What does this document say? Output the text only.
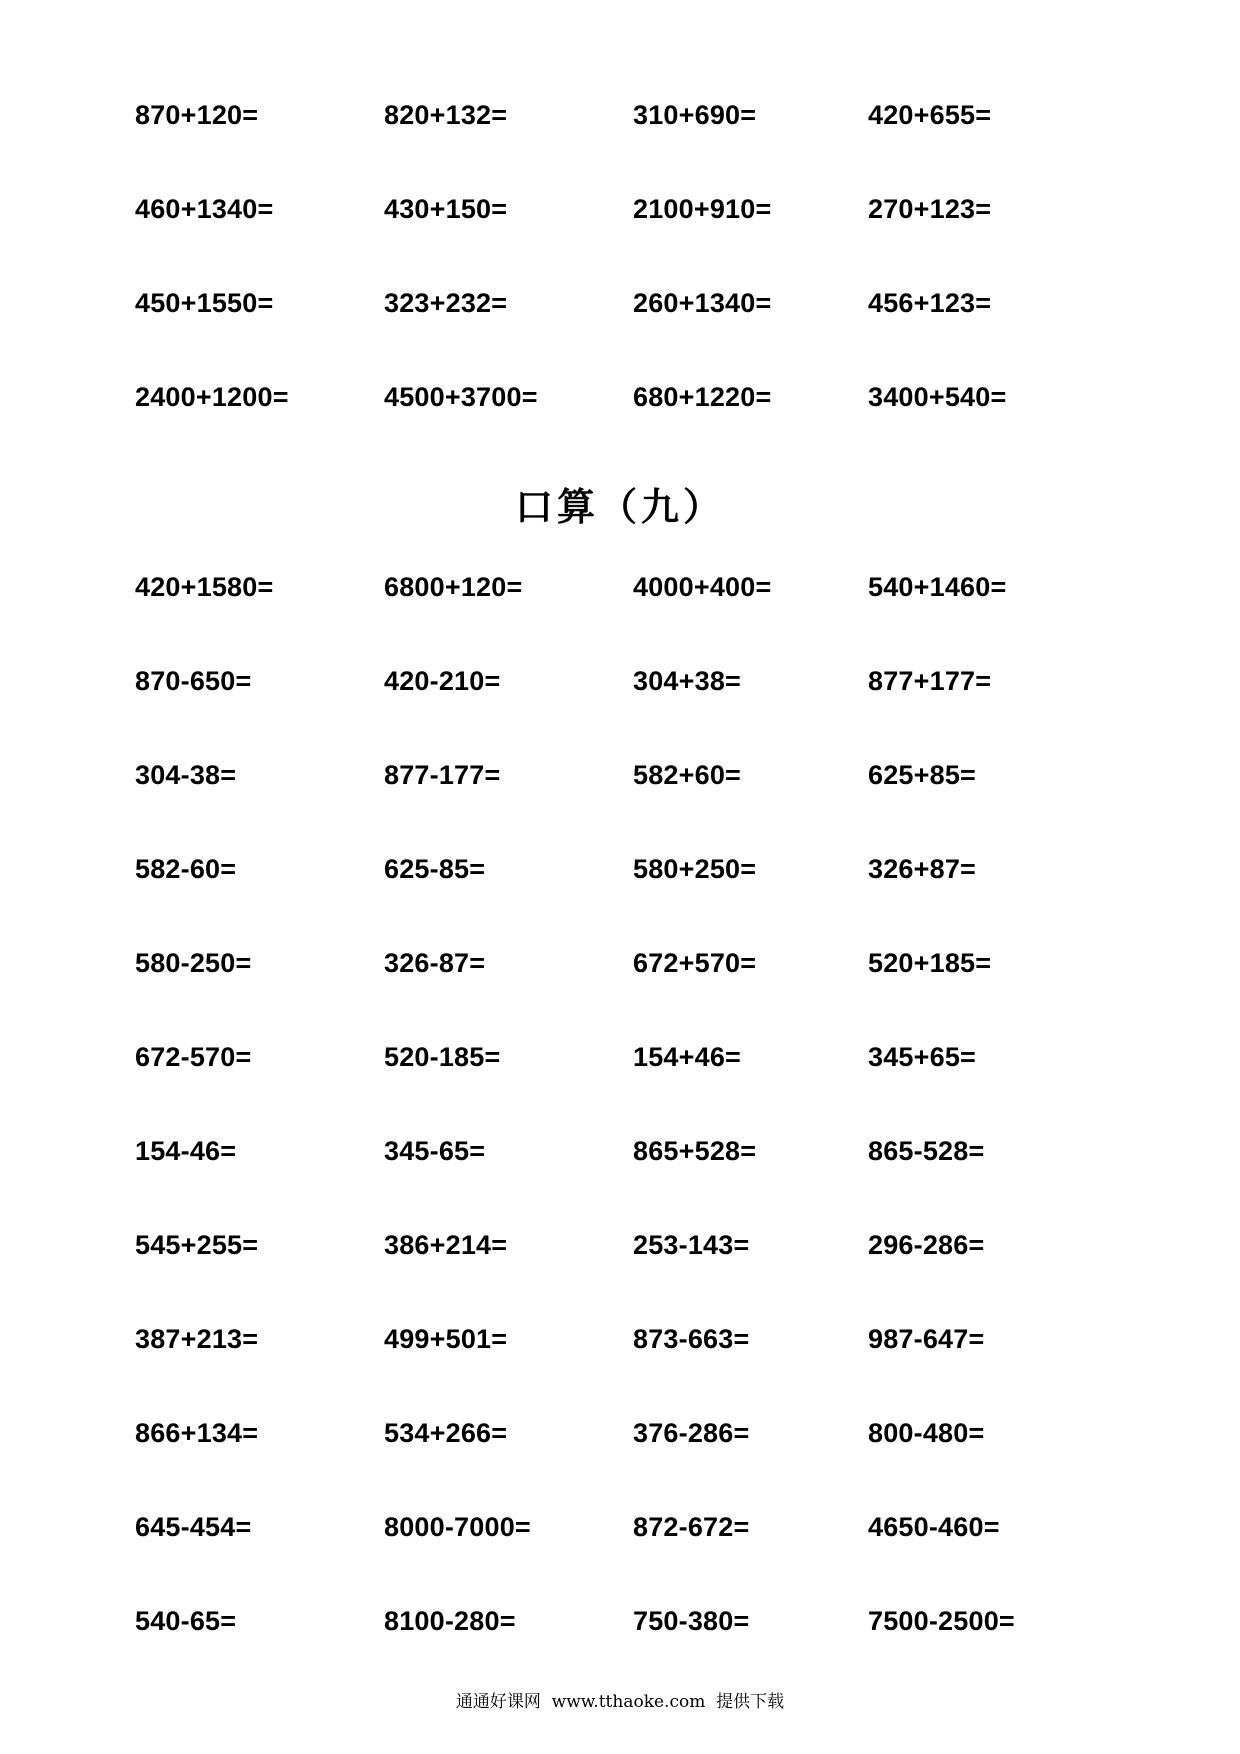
870+120=	820+132=	310+690=	420+655=
460+1340=	430+150=	2100+910=	270+123=
450+1550=	323+232=	260+1340=	456+123=
2400+1200=	4500+3700=	680+1220=	3400+540=
口算（九）
420+1580=	6800+120=	4000+400=	540+1460=
870-650=	420-210=	304+38=	877+177=
304-38=	877-177=	582+60=	625+85=
582-60=	625-85=	580+250=	326+87=
580-250=	326-87=	672+570=	520+185=
672-570=	520-185=	154+46=	345+65=
154-46=	345-65=	865+528=	865-528=
545+255=	386+214=	253-143=	296-286=
387+213=	499+501=	873-663=	987-647=
866+134=	534+266=	376-286=	800-480=
645-454=	8000-7000=	872-672=	4650-460=
540-65=	8100-280=	750-380=	7500-2500=
通通好课网  www.tthaoke.com  提供下载
